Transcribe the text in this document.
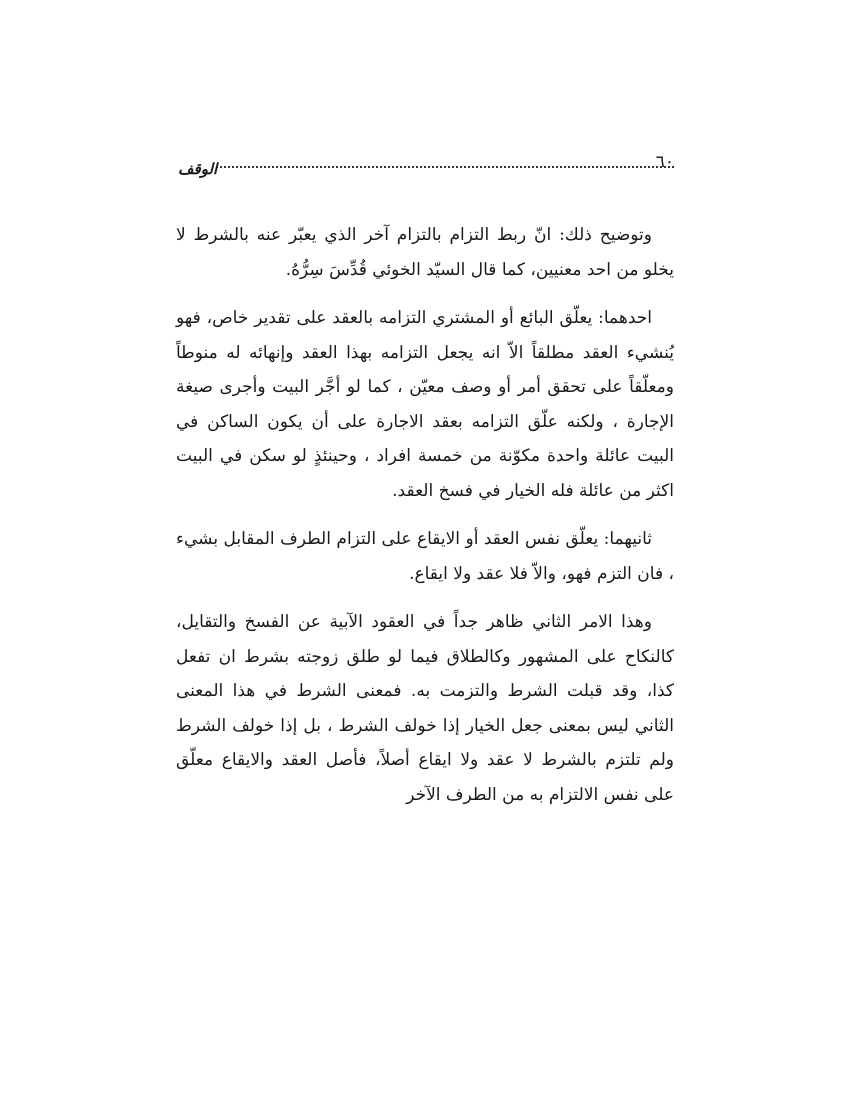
٦٠
الوقف

وتوضيح ذلك: انّ ربط التزام بالتزام آخر الذي يعبّر عنه بالشرط لا يخلو من احد معنيين، كما قال السيّد الخوئي قُدِّسَ سِرُّهُ.

احدهما: يعلّق البائع أو المشتري التزامه بالعقد على تقدير خاص، فهو يُنشيء العقد مطلقاً الاّ انه يجعل التزامه بهذا العقد وإنهائه له منوطاً ومعلّقاً على تحقق أمر أو وصف معيّن ، كما لو أجَّر البيت وأجرى صيغة الإجارة ، ولكنه علّق التزامه بعقد الاجارة على أن يكون الساكن في البيت عائلة واحدة مكوّنة من خمسة افراد ، وحينئذٍ لو سكن في البيت اكثر من عائلة فله الخيار في فسخ العقد.

ثانيهما: يعلّق نفس العقد أو الايقاع على التزام الطرف المقابل بشيء ، فان التزم فهو، والاّ فلا عقد ولا ايقاع.

وهذا الامر الثاني ظاهر جداً في العقود الآبية عن الفسخ والتقايل، كالنكاح على المشهور وكالطلاق فيما لو طلق زوجته بشرط ان تفعل كذا، وقد قبلت الشرط والتزمت به. فمعنى الشرط في هذا المعنى الثاني ليس بمعنى جعل الخيار إذا خولف الشرط ، بل إذا خولف الشرط ولم تلتزم بالشرط لا عقد ولا ايقاع أصلاً، فأصل العقد والايقاع معلّق على نفس الالتزام به من الطرف الآخر
